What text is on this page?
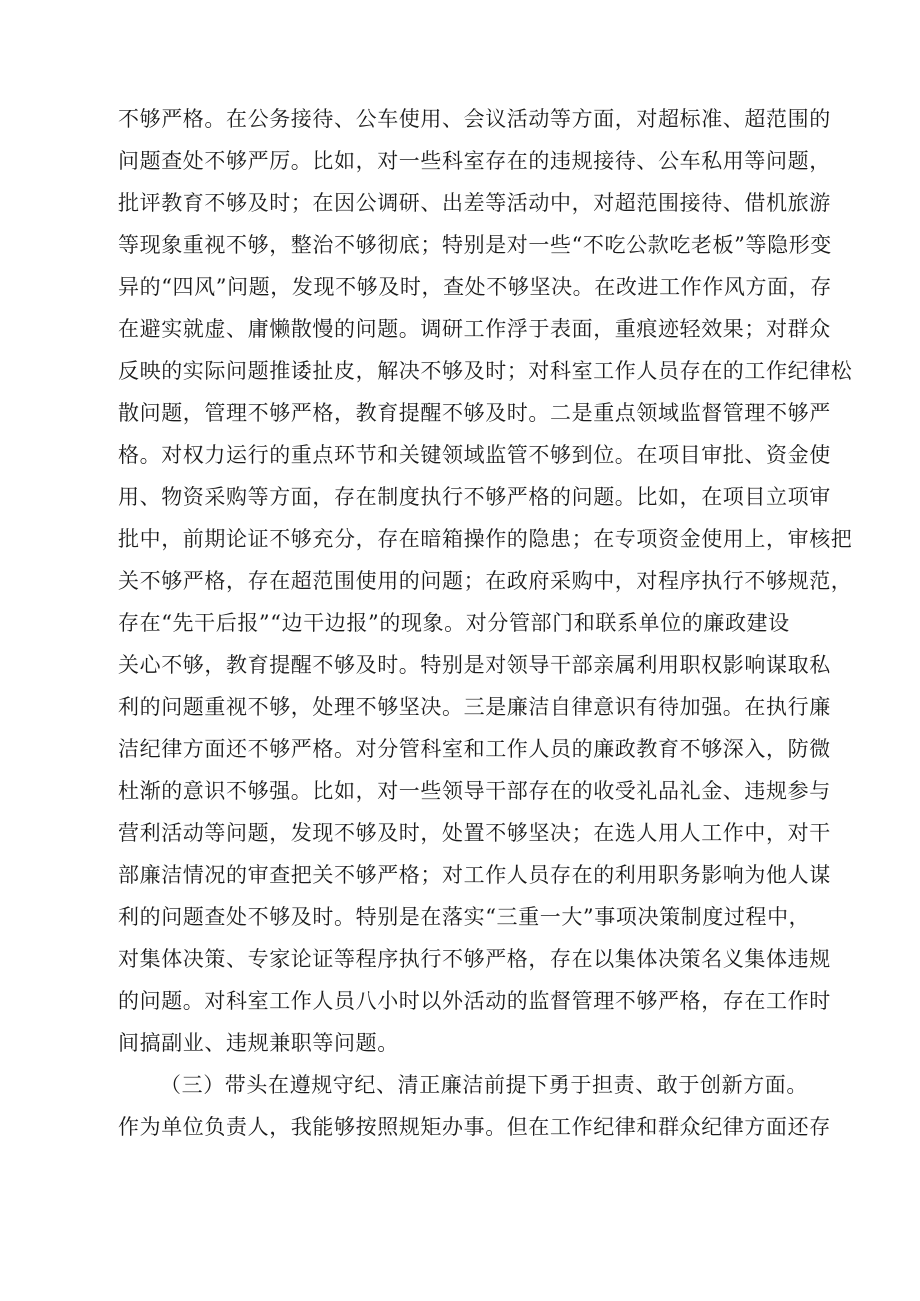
不够严格。在公务接待、公车使用、会议活动等方面，对超标准、超范围的
问题查处不够严厉。比如，对一些科室存在的违规接待、公车私用等问题，
批评教育不够及时；在因公调研、出差等活动中，对超范围接待、借机旅游
等现象重视不够，整治不够彻底；特别是对一些“不吃公款吃老板”等隐形变
异的“四风”问题，发现不够及时，查处不够坚决。在改进工作作风方面，存
在避实就虚、庸懒散慢的问题。调研工作浮于表面，重痕迹轻效果；对群众
反映的实际问题推诿扯皮，解决不够及时；对科室工作人员存在的工作纪律松
散问题，管理不够严格，教育提醒不够及时。二是重点领域监督管理不够严
格。对权力运行的重点环节和关键领域监管不够到位。在项目审批、资金使
用、物资采购等方面，存在制度执行不够严格的问题。比如，在项目立项审
批中，前期论证不够充分，存在暗箱操作的隐患；在专项资金使用上，审核把
关不够严格，存在超范围使用的问题；在政府采购中，对程序执行不够规范，
存在“先干后报”“边干边报”的现象。对分管部门和联系单位的廉政建设
关心不够，教育提醒不够及时。特别是对领导干部亲属利用职权影响谋取私
利的问题重视不够，处理不够坚决。三是廉洁自律意识有待加强。在执行廉
洁纪律方面还不够严格。对分管科室和工作人员的廉政教育不够深入，防微
杜渐的意识不够强。比如，对一些领导干部存在的收受礼品礼金、违规参与
营利活动等问题，发现不够及时，处置不够坚决；在选人用人工作中，对干
部廉洁情况的审查把关不够严格；对工作人员存在的利用职务影响为他人谋
利的问题查处不够及时。特别是在落实“三重一大”事项决策制度过程中，
对集体决策、专家论证等程序执行不够严格，存在以集体决策名义集体违规
的问题。对科室工作人员八小时以外活动的监督管理不够严格，存在工作时
间搞副业、违规兼职等问题。
（三）带头在遵规守纪、清正廉洁前提下勇于担责、敢于创新方面。
作为单位负责人，我能够按照规矩办事。但在工作纪律和群众纪律方面还存
